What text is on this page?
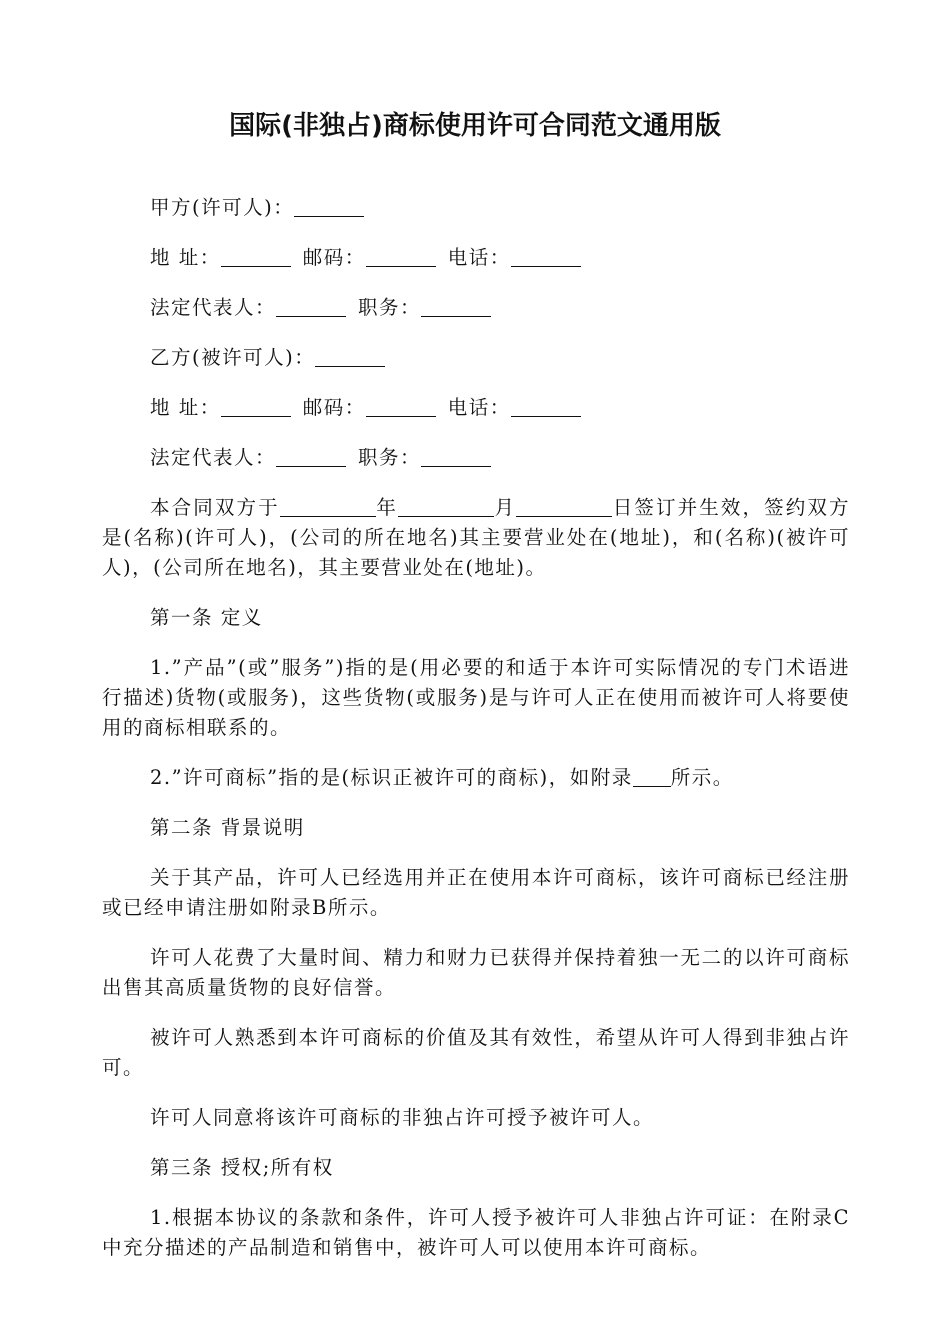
国际(非独占)商标使用许可合同范文通用版

甲方(许可人)：

地 址：	邮码：	电话：

法定代表人：	职务：

乙方(被许可人)：

地 址：	邮码：	电话：

法定代表人：	职务：

本合同双方于	年	月	日签订并生效，签约双方是(名称)(许可人)，(公司的所在地名)其主要营业处在(地址)，和(名称)(被许可人)，(公司所在地名)，其主要营业处在(地址)。

第一条 定义

1.”产品”(或”服务”)指的是(用必要的和适于本许可实际情况的专门术语进行描述)货物(或服务)，这些货物(或服务)是与许可人正在使用而被许可人将要使用的商标相联系的。

2.”许可商标”指的是(标识正被许可的商标)，如附录 所示。

第二条 背景说明

关于其产品，许可人已经选用并正在使用本许可商标，该许可商标已经注册或已经申请注册如附录B所示。

许可人花费了大量时间、精力和财力已获得并保持着独一无二的以许可商标出售其高质量货物的良好信誉。

被许可人熟悉到本许可商标的价值及其有效性，希望从许可人得到非独占许可。

许可人同意将该许可商标的非独占许可授予被许可人。

第三条 授权;所有权

1.根据本协议的条款和条件，许可人授予被许可人非独占许可证：在附录C中充分描述的产品制造和销售中，被许可人可以使用本许可商标。
